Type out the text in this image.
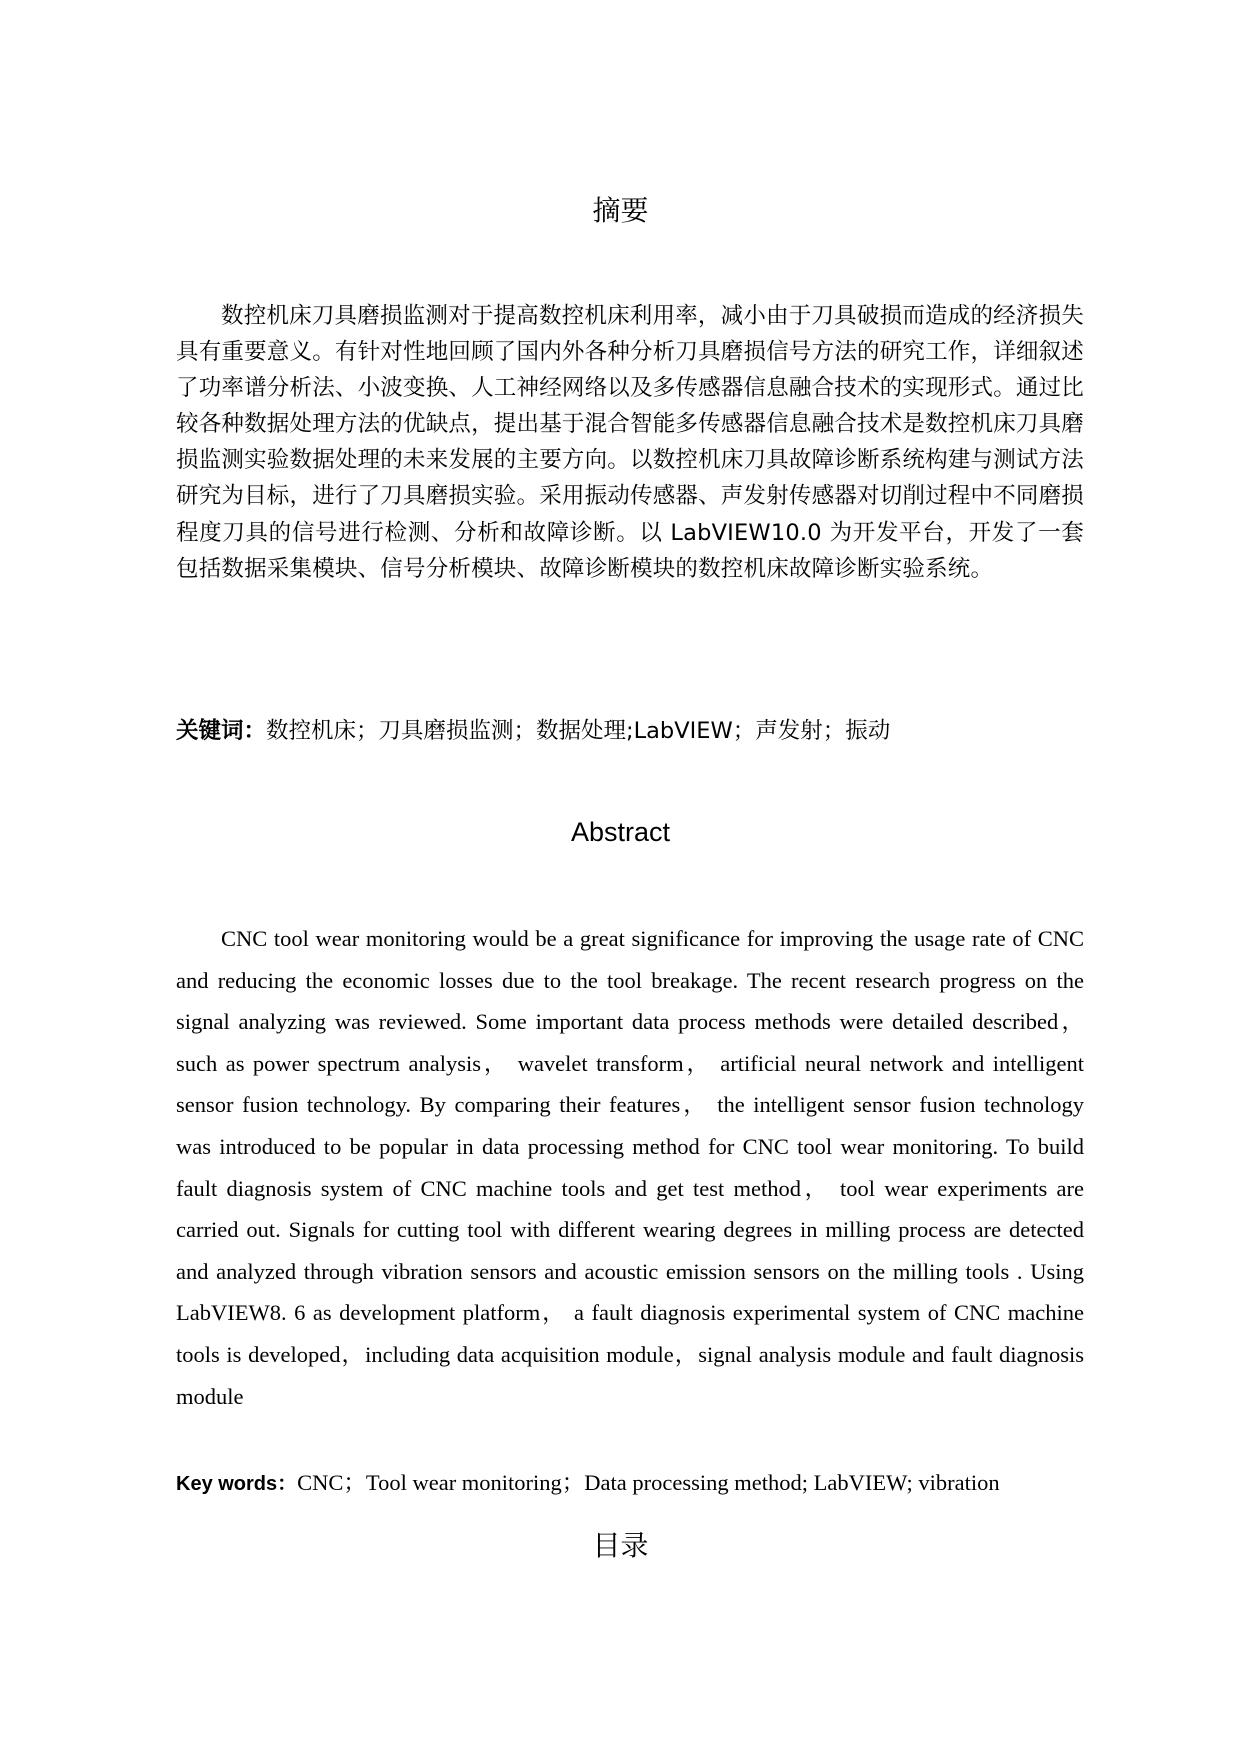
摘要

数控机床刀具磨损监测对于提高数控机床利用率，减小由于刀具破损而造成的经济损失具有重要意义。有针对性地回顾了国内外各种分析刀具磨损信号方法的研究工作，详细叙述了功率谱分析法、小波变换、人工神经网络以及多传感器信息融合技术的实现形式。通过比较各种数据处理方法的优缺点，提出基于混合智能多传感器信息融合技术是数控机床刀具磨损监测实验数据处理的未来发展的主要方向。以数控机床刀具故障诊断系统构建与测试方法研究为目标，进行了刀具磨损实验。采用振动传感器、声发射传感器对切削过程中不同磨损程度刀具的信号进行检测、分析和故障诊断。以 LabVIEW10.0 为开发平台，开发了一套包括数据采集模块、信号分析模块、故障诊断模块的数控机床故障诊断实验系统。

关键词：数控机床；刀具磨损监测；数据处理;LabVIEW；声发射；振动

Abstract

CNC tool wear monitoring would be a great significance for improving the usage rate of CNC and reducing the economic losses due to the tool breakage. The recent research progress on the signal analyzing was reviewed. Some important data process methods were detailed described， such as power spectrum analysis， wavelet transform， artificial neural network and intelligent sensor fusion technology. By comparing their features， the intelligent sensor fusion technology was introduced to be popular in data processing method for CNC tool wear monitoring. To build fault diagnosis system of CNC machine tools and get test method， tool wear experiments are carried out. Signals for cutting tool with different wearing degrees in milling process are detected and analyzed through vibration sensors and acoustic emission sensors on the milling tools . Using LabVIEW8. 6 as development platform， a fault diagnosis experimental system of CNC machine tools is developed，including data acquisition module，signal analysis module and fault diagnosis module

Key words：CNC；Tool wear monitoring；Data processing method; LabVIEW; vibration

目录
